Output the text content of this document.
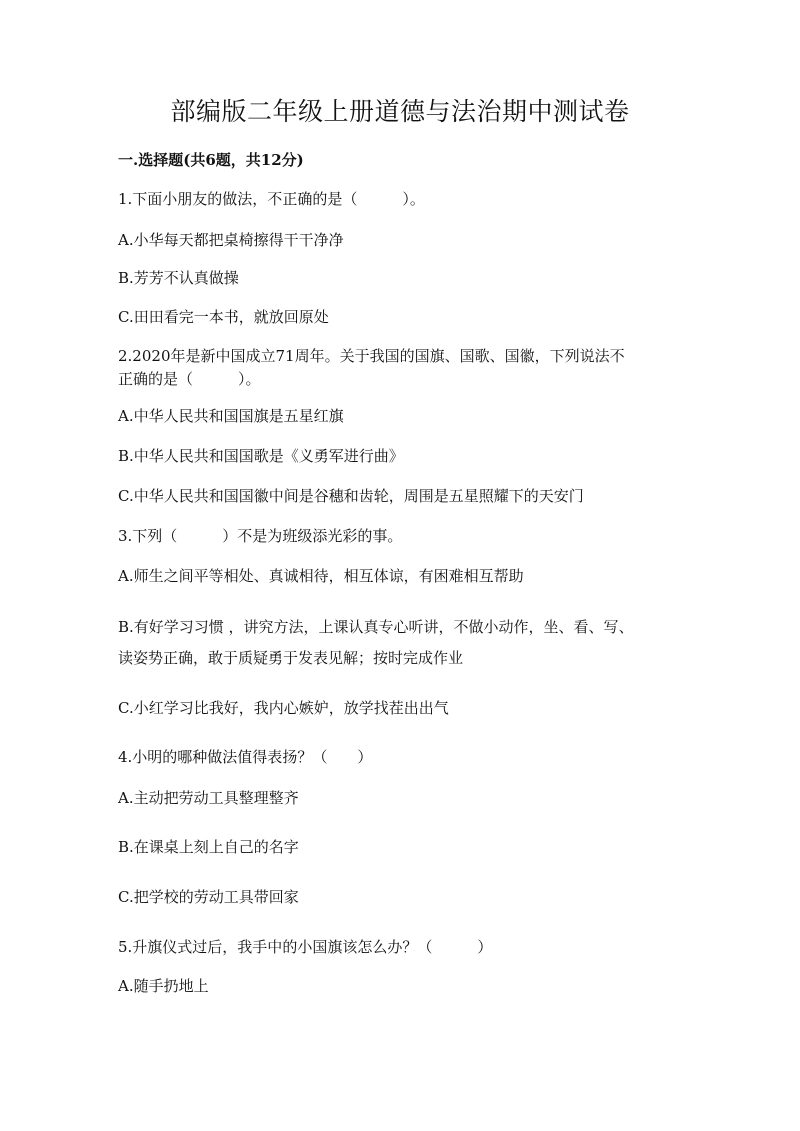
部编版二年级上册道德与法治期中测试卷
一.选择题(共6题，共12分)
1.下面小朋友的做法，不正确的是（　　　）。
A.小华每天都把桌椅擦得干干净净
B.芳芳不认真做操
C.田田看完一本书，就放回原处
2.2020年是新中国成立71周年。关于我国的国旗、国歌、国徽，下列说法不
正确的是（　　　）。
A.中华人民共和国国旗是五星红旗
B.中华人民共和国国歌是《义勇军进行曲》
C.中华人民共和国国徽中间是谷穗和齿轮，周围是五星照耀下的天安门
3.下列（　　　）不是为班级添光彩的事。
A.师生之间平等相处、真诚相待，相互体谅，有困难相互帮助
B.有好学习习惯 ，讲究方法，上课认真专心听讲，不做小动作，坐、看、写、
读姿势正确，敢于质疑勇于发表见解；按时完成作业
C.小红学习比我好，我内心嫉妒，放学找茬出出气
4.小明的哪种做法值得表扬？（　　）
A.主动把劳动工具整理整齐
B.在课桌上刻上自己的名字
C.把学校的劳动工具带回家
5.升旗仪式过后，我手中的小国旗该怎么办？（　　　）
A.随手扔地上
